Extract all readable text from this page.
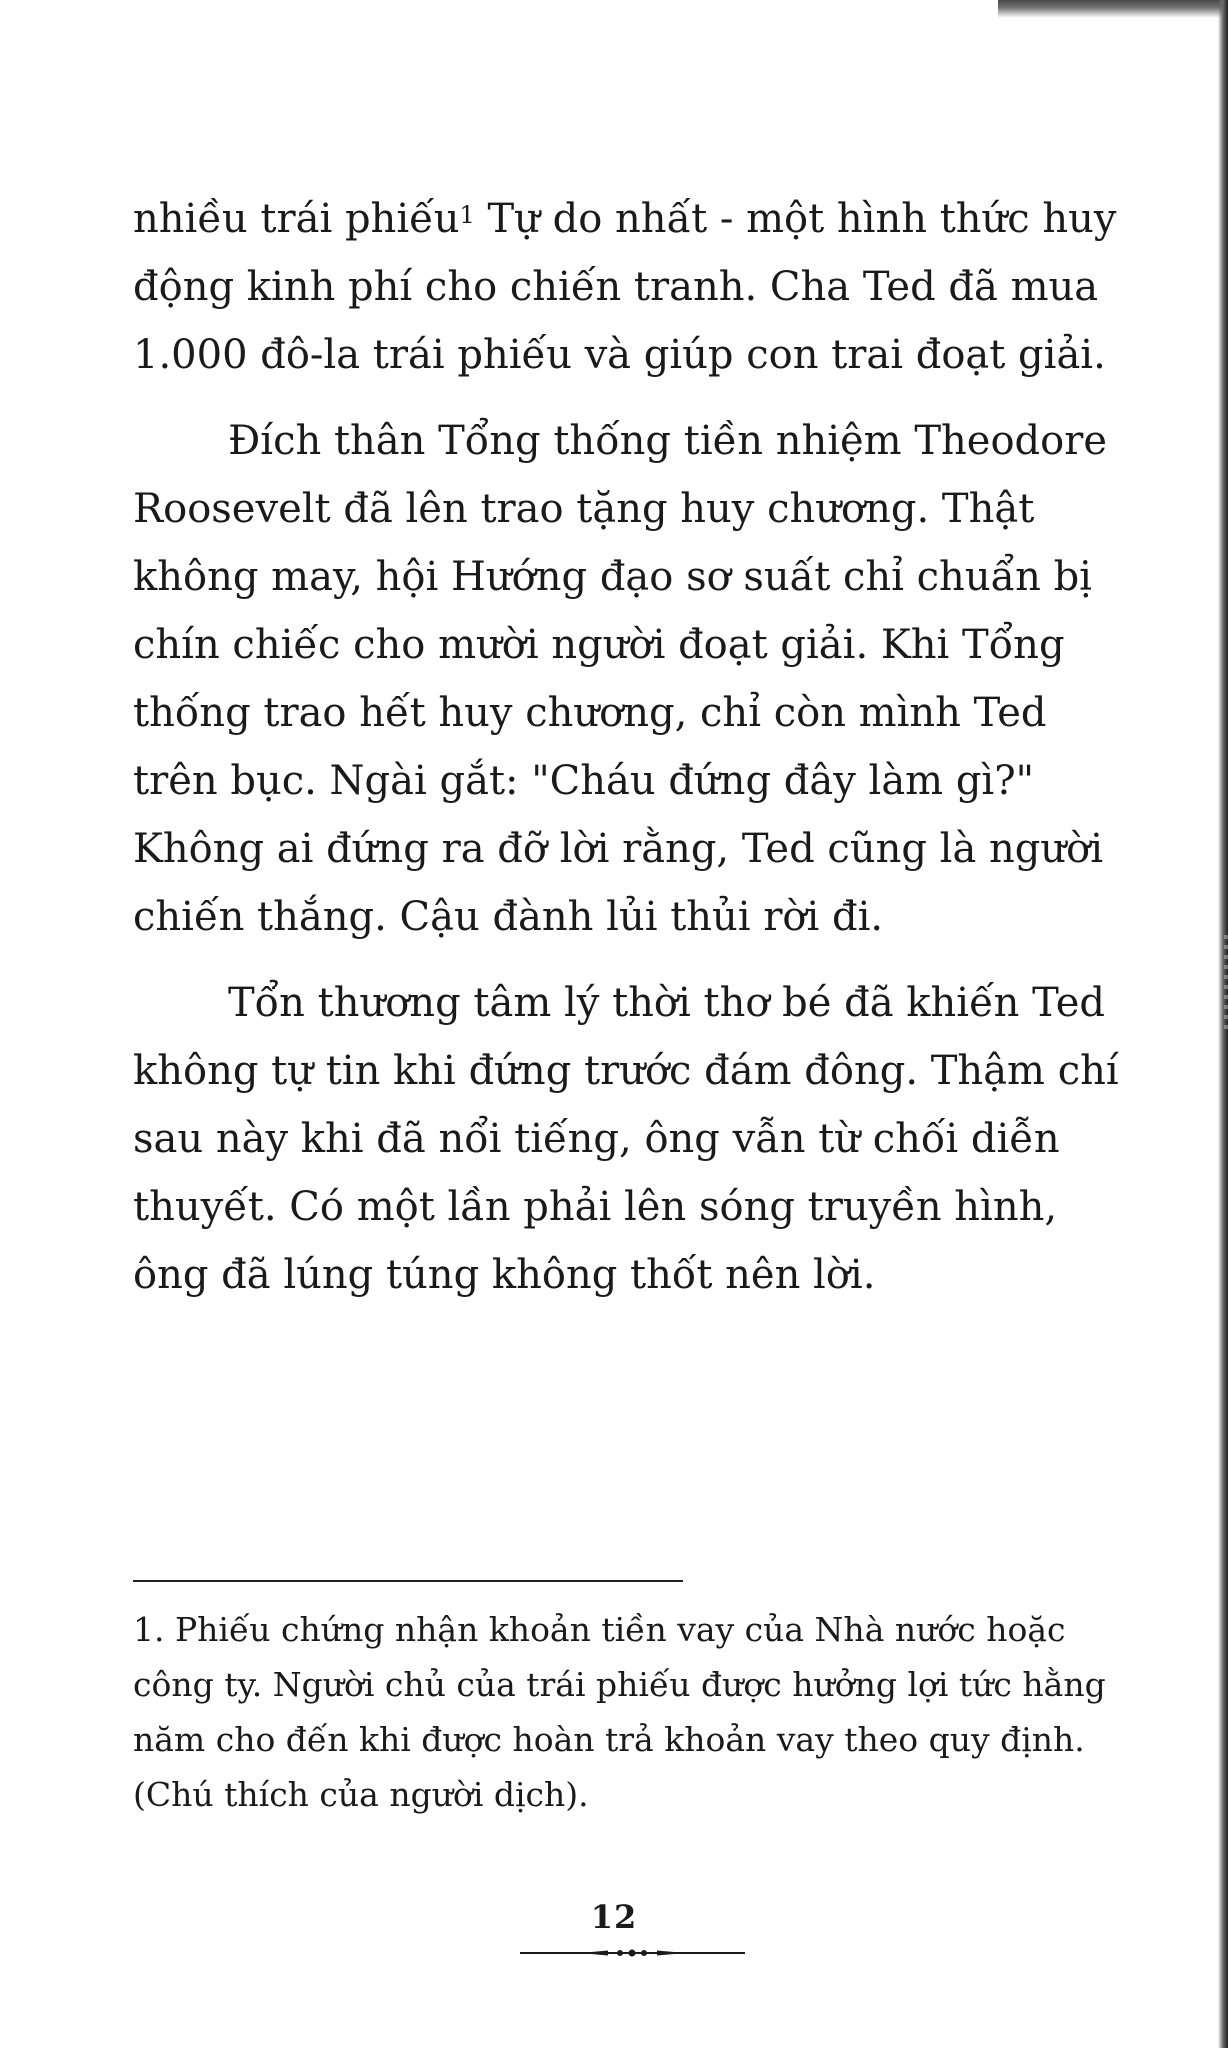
nhiều trái phiếu$^1$ Tự do nhất - một hình thức huy
động kinh phí cho chiến tranh. Cha Ted đã mua
1.000 đô-la trái phiếu và giúp con trai đoạt giải.

Đích thân Tổng thống tiền nhiệm Theodore
Roosevelt đã lên trao tặng huy chương. Thật
không may, hội Hướng đạo sơ suất chỉ chuẩn bị
chín chiếc cho mười người đoạt giải. Khi Tổng
thống trao hết huy chương, chỉ còn mình Ted
trên bục. Ngài gắt: "Cháu đứng đây làm gì?"
Không ai đứng ra đỡ lời rằng, Ted cũng là người
chiến thắng. Cậu đành lủi thủi rời đi.

Tổn thương tâm lý thời thơ bé đã khiến Ted
không tự tin khi đứng trước đám đông. Thậm chí
sau này khi đã nổi tiếng, ông vẫn từ chối diễn
thuyết. Có một lần phải lên sóng truyền hình,
ông đã lúng túng không thốt nên lời.

1. Phiếu chứng nhận khoản tiền vay của Nhà nước hoặc
công ty. Người chủ của trái phiếu được hưởng lợi tức hằng
năm cho đến khi được hoàn trả khoản vay theo quy định.
(Chú thích của người dịch).
12
